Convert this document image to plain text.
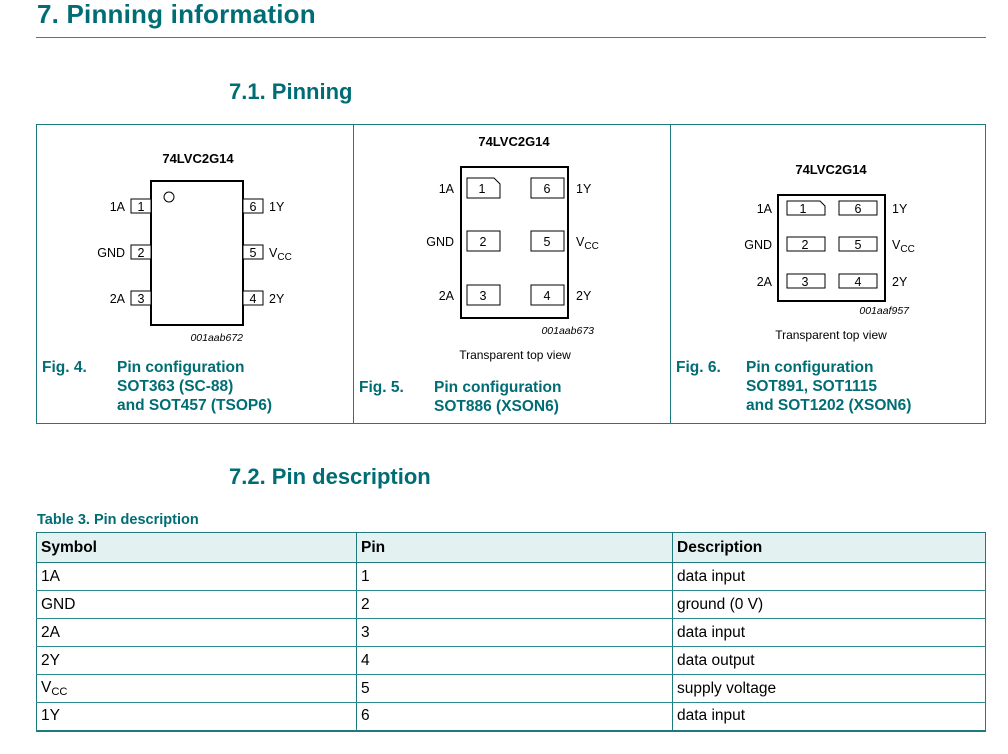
7. Pinning information
7.1. Pinning
74LVC2G14
1
1A
2
GND
3
2A
6 1Y
5 $V_{CC}$
4 2Y
001aab672
Fig. 4. Pin configuration
SOT363 (SC-88)
and SOT457 (TSOP6)
74LVC2G14
1
1A
2
GND
3
2A
6 1Y
5 $V_{CC}$
4 2Y
001aab673
Transparent top view
Fig. 5. Pin configuration
SOT886 (XSON6)
74LVC2G14
1
1A
2
GND
3
2A
6 1Y
5 $V_{CC}$
4 2Y
001aaf957
Transparent top view
Fig. 6. Pin configuration
SOT891, SOT1115
and SOT1202 (XSON6)
7.2. Pin description
Table 3. Pin description
Symbol	Pin	Description
1A	1	data input
GND	2	ground (0 V)
2A	3	data input
2Y	4	data output
$V_{CC}$	5	supply voltage
1Y	6	data input
